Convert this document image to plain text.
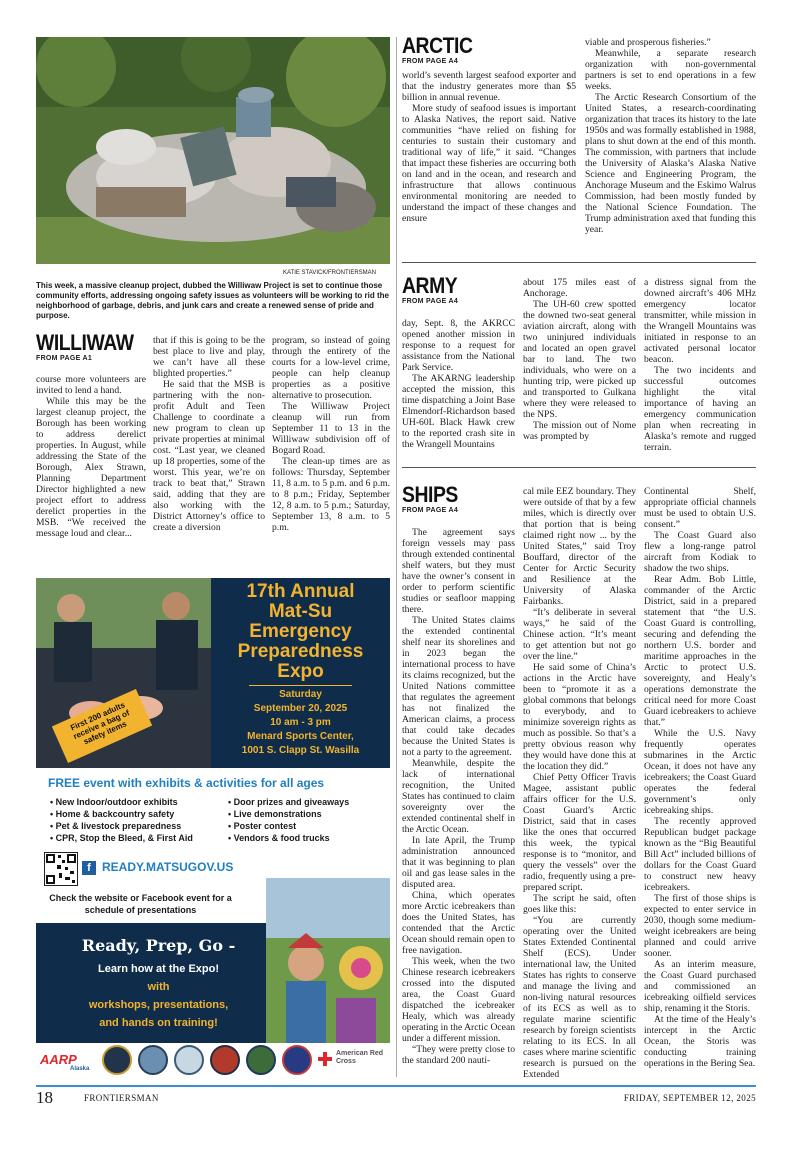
KATIE STAVICK/FRONTIERSMAN
This week, a massive cleanup project, dubbed the Williwaw Project is set to continue those community efforts, addressing ongoing safety issues as volunteers will be working to rid the neighborhood of garbage, debris, and junk cars and create a renewed sense of pride and purpose.
WILLIWAW
FROM PAGE A1

course more volunteers are invited to lend a hand.

While this may be the largest cleanup project, the Borough has been working to address derelict properties. In August, while addressing the State of the Borough, Alex Strawn, Planning Department Director highlighted a new project effort to address derelict properties in the MSB. “We received the message loud and clear...

that if this is going to be the best place to live and play, we can’t have all these blighted properties.”

He said that the MSB is partnering with the non-profit Adult and Teen Challenge to coordinate a new program to clean up private properties at minimal cost. “Last year, we cleaned up 18 properties, some of the worst. This year, we’re on track to beat that,” Strawn said, adding that they are also working with the District Attorney’s office to create a diversion

program, so instead of going through the entirety of the courts for a low-level crime, people can help cleanup properties as a positive alternative to prosecution.

The Williwaw Project cleanup will run from September 11 to 13 in the Williwaw subdivision off of Bogard Road.

The clean-up times are as follows: Thursday, September 11, 8 a.m. to 5 p.m. and 6 p.m. to 8 p.m.; Friday, September 12, 8 a.m. to 5 p.m.; Saturday, September 13, 8 a.m. to 5 p.m.

ARCTIC
FROM PAGE A4

world’s seventh largest seafood exporter and that the industry generates more than $5 billion in annual revenue.

More study of seafood issues is important to Alaska Natives, the report said. Native communities “have relied on fishing for centuries to sustain their customary and traditional way of life,” it said. “Changes that impact these fisheries are occurring both on land and in the ocean, and research and infrastructure that allows continuous environmental monitoring are needed to understand the impact of these changes and ensure

viable and prosperous fisheries.”

Meanwhile, a separate research organization with non-governmental partners is set to end operations in a few weeks.

The Arctic Research Consortium of the United States, a research-coordinating organization that traces its history to the late 1950s and was formally established in 1988, plans to shut down at the end of this month. The commission, with partners that include the University of Alaska’s Alaska Native Science and Engineering Program, the Anchorage Museum and the Eskimo Walrus Commission, had been mostly funded by the National Science Foundation. The Trump administration axed that funding this year.

ARMY
FROM PAGE A4

day, Sept. 8, the AKRCC opened another mission in response to a request for assistance from the National Park Service.

The AKARNG leadership accepted the mission, this time dispatching a Joint Base Elmendorf-Richardson based UH-60L Black Hawk crew to the reported crash site in the Wrangell Mountains

about 175 miles east of Anchorage.

The UH-60 crew spotted the downed two-seat general aviation aircraft, along with two uninjured individuals and located an open gravel bar to land. The two individuals, who were on a hunting trip, were picked up and transported to Gulkana where they were released to the NPS.

The mission out of Nome was prompted by

a distress signal from the downed aircraft’s 406 MHz emergency locator transmitter, while mission in the Wrangell Mountains was initiated in response to an activated personal locator beacon.

The two incidents and successful outcomes highlight the vital importance of having an emergency communication plan when recreating in Alaska’s remote and rugged terrain.

SHIPS
FROM PAGE A4

The agreement says foreign vessels may pass through extended continental shelf waters, but they must have the owner’s consent in order to perform scientific studies or seafloor mapping there.

The United States claims the extended continental shelf near its shorelines and in 2023 began the international process to have its claims recognized, but the United Nations committee that regulates the agreement has not finalized the American claims, a process that could take decades because the United States is not a party to the agreement.

Meanwhile, despite the lack of international recognition, the United States has continued to claim sovereignty over the extended continental shelf in the Arctic Ocean.

In late April, the Trump administration announced that it was beginning to plan oil and gas lease sales in the disputed area.

China, which operates more Arctic icebreakers than does the United States, has contended that the Arctic Ocean should remain open to free navigation.

This week, when the two Chinese research icebreakers crossed into the disputed area, the Coast Guard dispatched the icebreaker Healy, which was already operating in the Arctic Ocean under a different mission.

“They were pretty close to the standard 200 nauti-

cal mile EEZ boundary. They were outside of that by a few miles, which is directly over that portion that is being claimed right now ... by the United States,” said Troy Bouffard, director of the Center for Arctic Security and Resilience at the University of Alaska Fairbanks.

“It’s deliberate in several ways,” he said of the Chinese action. “It’s meant to get attention but not go over the line.”

He said some of China’s actions in the Arctic have been to “promote it as a global commons that belongs to everybody, and to minimize sovereign rights as much as possible. So that’s a pretty obvious reason why they would have done this at the location they did.”

Chief Petty Officer Travis Magee, assistant public affairs officer for the U.S. Coast Guard’s Arctic District, said that in cases like the ones that occurred this week, the typical response is to “monitor, and query the vessels” over the radio, frequently using a pre-prepared script.

The script he said, often goes like this:

“You are currently operating over the United States Extended Continental Shelf (ECS). Under international law, the United States has rights to conserve and manage the living and non-living natural resources of its ECS as well as to regulate marine scientific research by foreign scientists relating to its ECS. In all cases where marine scientific research is pursued on the Extended

Continental Shelf, appropriate official channels must be used to obtain U.S. consent.”

The Coast Guard also flew a long-range patrol aircraft from Kodiak to shadow the two ships.

Rear Adm. Bob Little, commander of the Arctic District, said in a prepared statement that “the U.S. Coast Guard is controlling, securing and defending the northern U.S. border and maritime approaches in the Arctic to protect U.S. sovereignty, and Healy’s operations demonstrate the critical need for more Coast Guard icebreakers to achieve that.”

While the U.S. Navy frequently operates submarines in the Arctic Ocean, it does not have any icebreakers; the Coast Guard operates the federal government’s only icebreaking ships.

The recently approved Republican budget package known as the “Big Beautiful Bill Act” included billions of dollars for the Coast Guard to construct new heavy icebreakers.

The first of those ships is expected to enter service in 2030, though some medium-weight icebreakers are being planned and could arrive sooner.

As an interim measure, the Coast Guard purchased and commissioned an icebreaking oilfield services ship, renaming it the Storis.

At the time of the Healy’s intercept in the Arctic Ocean, the Storis was conducting training operations in the Bering Sea.

17th Annual
Mat-Su
Emergency
Preparedness
Expo
Saturday
September 20, 2025
10 am - 3 pm
Menard Sports Center,
1001 S. Clapp St. Wasilla
First 200 adults receive a bag of safety items
FREE event with exhibits & activities for all ages
• New Indoor/outdoor exhibits
• Home & backcountry safety
• Pet & livestock preparedness
• CPR, Stop the Bleed, & First Aid
• Door prizes and giveaways
• Live demonstrations
• Poster contest
• Vendors & food trucks
f READY.MATSUGOV.US
Check the website or Facebook event for a schedule of presentations
Ready, Prep, Go -
Learn how at the Expo!
with
workshops, presentations,
and hands on training!
AARP
Alaska
American Red Cross
18	FRONTIERSMAN	FRIDAY, SEPTEMBER 12, 2025
